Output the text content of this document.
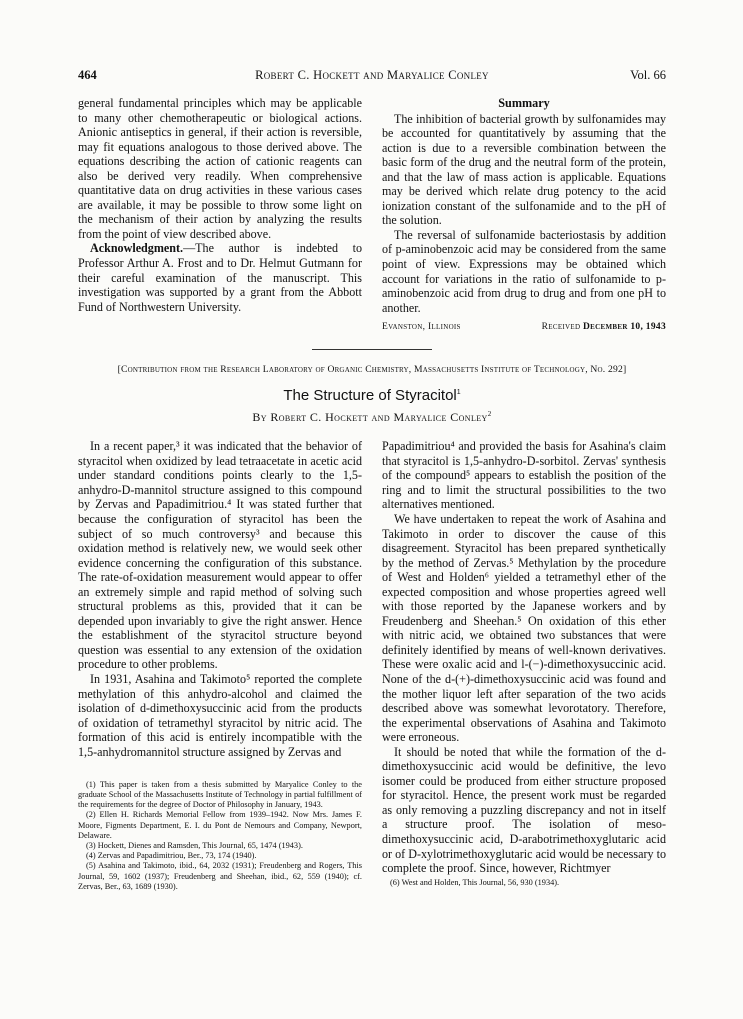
464	Robert C. Hockett and Maryalice Conley	Vol. 66

general fundamental principles which may be applicable to many other chemotherapeutic or biological actions. Anionic antiseptics in general, if their action is reversible, may fit equations analogous to those derived above. The equations describing the action of cationic reagents can also be derived very readily. When comprehensive quantitative data on drug activities in these various cases are available, it may be possible to throw some light on the mechanism of their action by analyzing the results from the point of view described above.

Acknowledgment.—The author is indebted to Professor Arthur A. Frost and to Dr. Helmut Gutmann for their careful examination of the manuscript. This investigation was supported by a grant from the Abbott Fund of Northwestern University.

Summary

The inhibition of bacterial growth by sulfonamides may be accounted for quantitatively by assuming that the action is due to a reversible combination between the basic form of the drug and the neutral form of the protein, and that the law of mass action is applicable. Equations may be derived which relate drug potency to the acid ionization constant of the sulfonamide and to the pH of the solution.

The reversal of sulfonamide bacteriostasis by addition of p-aminobenzoic acid may be considered from the same point of view. Expressions may be obtained which account for variations in the ratio of sulfonamide to p-aminobenzoic acid from drug to drug and from one pH to another.

Evanston, Illinois	Received December 10, 1943
[Contribution from the Research Laboratory of Organic Chemistry, Massachusetts Institute of Technology, No. 292]
The Structure of Styracitol$^1$
By Robert C. Hockett and Maryalice Conley$^2$

In a recent paper,³ it was indicated that the behavior of styracitol when oxidized by lead tetraacetate in acetic acid under standard conditions points clearly to the 1,5-anhydro-D-mannitol structure assigned to this compound by Zervas and Papadimitriou.⁴ It was stated further that because the configuration of styracitol has been the subject of so much controversy³ and because this oxidation method is relatively new, we would seek other evidence concerning the configuration of this substance. The rate-of-oxidation measurement would appear to offer an extremely simple and rapid method of solving such structural problems as this, provided that it can be depended upon invariably to give the right answer. Hence the establishment of the styracitol structure beyond question was essential to any extension of the oxidation procedure to other problems.

In 1931, Asahina and Takimoto⁵ reported the complete methylation of this anhydro-alcohol and claimed the isolation of d-dimethoxysuccinic acid from the products of oxidation of tetramethyl styracitol by nitric acid. The formation of this acid is entirely incompatible with the 1,5-anhydromannitol structure assigned by Zervas and

(1) This paper is taken from a thesis submitted by Maryalice Conley to the graduate School of the Massachusetts Institute of Technology in partial fulfillment of the requirements for the degree of Doctor of Philosophy in January, 1943.

(2) Ellen H. Richards Memorial Fellow from 1939–1942. Now Mrs. James F. Moore, Figments Department, E. I. du Pont de Nemours and Company, Newport, Delaware.

(3) Hockett, Dienes and Ramsden, This Journal, 65, 1474 (1943).

(4) Zervas and Papadimitriou, Ber., 73, 174 (1940).

(5) Asahina and Takimoto, ibid., 64, 2032 (1931); Freudenberg and Rogers, This Journal, 59, 1602 (1937); Freudenberg and Sheehan, ibid., 62, 559 (1940); cf. Zervas, Ber., 63, 1689 (1930).

Papadimitriou⁴ and provided the basis for Asahina's claim that styracitol is 1,5-anhydro-D-sorbitol. Zervas' synthesis of the compound⁵ appears to establish the position of the ring and to limit the structural possibilities to the two alternatives mentioned.

We have undertaken to repeat the work of Asahina and Takimoto in order to discover the cause of this disagreement. Styracitol has been prepared synthetically by the method of Zervas.⁵ Methylation by the procedure of West and Holden⁶ yielded a tetramethyl ether of the expected composition and whose properties agreed well with those reported by the Japanese workers and by Freudenberg and Sheehan.⁵ On oxidation of this ether with nitric acid, we obtained two substances that were definitely identified by means of well-known derivatives. These were oxalic acid and l-(−)-dimethoxysuccinic acid. None of the d-(+)-dimethoxysuccinic acid was found and the mother liquor left after separation of the two acids described above was somewhat levorotatory. Therefore, the experimental observations of Asahina and Takimoto were erroneous.

It should be noted that while the formation of the d-dimethoxysuccinic acid would be definitive, the levo isomer could be produced from either structure proposed for styracitol. Hence, the present work must be regarded as only removing a puzzling discrepancy and not in itself a structure proof. The isolation of meso-dimethoxysuccinic acid, D-arabotrimethoxyglutaric acid or of D-xylotrimethoxyglutaric acid would be necessary to complete the proof. Since, however, Richtmyer

(6) West and Holden, This Journal, 56, 930 (1934).
